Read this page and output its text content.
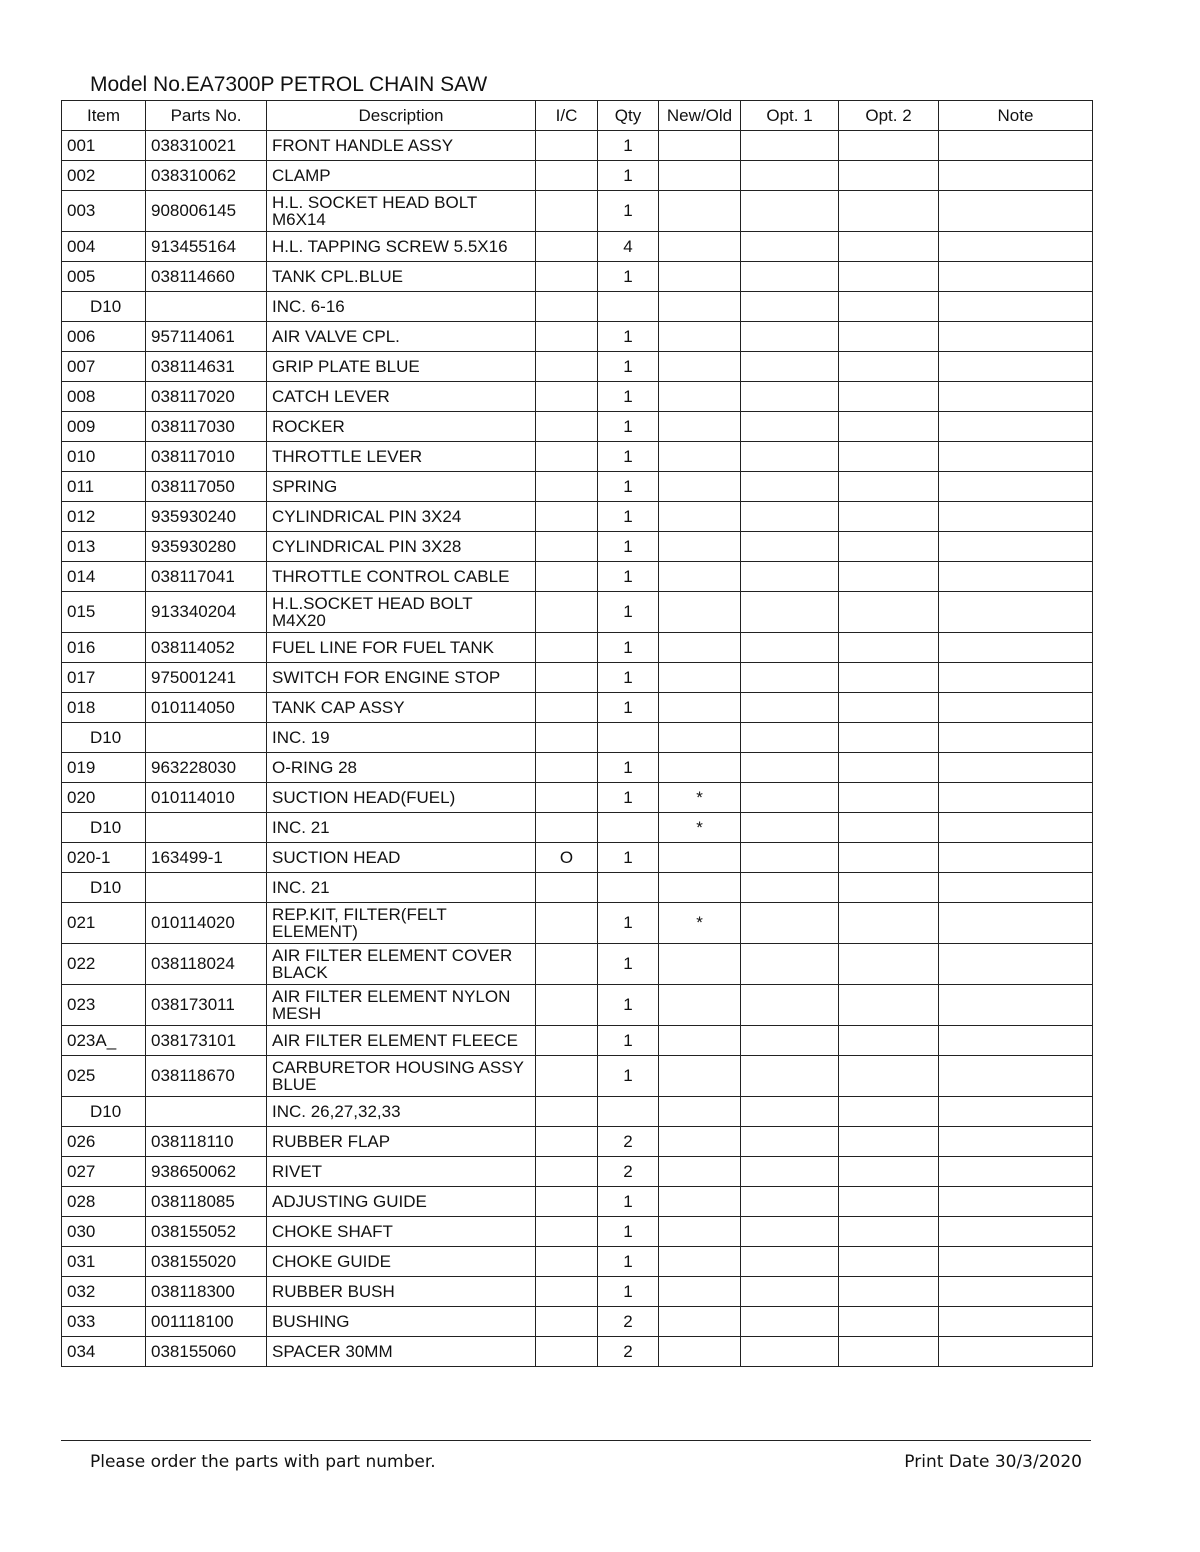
Model No.EA7300P PETROL CHAIN SAW
Item	Parts No.	Description	I/C	Qty	New/Old	Opt. 1	Opt. 2	Note
001	038310021	FRONT HANDLE ASSY		1				
002	038310062	CLAMP		1				
003	908006145	H.L. SOCKET HEAD BOLT M6X14		1				
004	913455164	H.L. TAPPING SCREW 5.5X16		4				
005	038114660	TANK CPL.BLUE		1				
D10		INC. 6-16						
006	957114061	AIR VALVE CPL.		1				
007	038114631	GRIP PLATE BLUE		1				
008	038117020	CATCH LEVER		1				
009	038117030	ROCKER		1				
010	038117010	THROTTLE LEVER		1				
011	038117050	SPRING		1				
012	935930240	CYLINDRICAL PIN 3X24		1				
013	935930280	CYLINDRICAL PIN 3X28		1				
014	038117041	THROTTLE CONTROL CABLE		1				
015	913340204	H.L.SOCKET HEAD BOLT M4X20		1				
016	038114052	FUEL LINE FOR FUEL TANK		1				
017	975001241	SWITCH FOR ENGINE STOP		1				
018	010114050	TANK CAP ASSY		1				
D10		INC. 19						
019	963228030	O-RING 28		1				
020	010114010	SUCTION HEAD(FUEL)		1	*			
D10		INC. 21			*			
020-1	163499-1	SUCTION HEAD	O	1				
D10		INC. 21						
021	010114020	REP.KIT, FILTER(FELT ELEMENT)		1	*			
022	038118024	AIR FILTER ELEMENT COVER BLACK		1				
023	038173011	AIR FILTER ELEMENT NYLON MESH		1				
023A_	038173101	AIR FILTER ELEMENT FLEECE		1				
025	038118670	CARBURETOR HOUSING ASSY BLUE		1				
D10		INC. 26,27,32,33						
026	038118110	RUBBER FLAP		2				
027	938650062	RIVET		2				
028	038118085	ADJUSTING GUIDE		1				
030	038155052	CHOKE SHAFT		1				
031	038155020	CHOKE GUIDE		1				
032	038118300	RUBBER BUSH		1				
033	001118100	BUSHING		2				
034	038155060	SPACER 30MM		2				
Please order the parts with part number.	Print Date 30/3/2020
